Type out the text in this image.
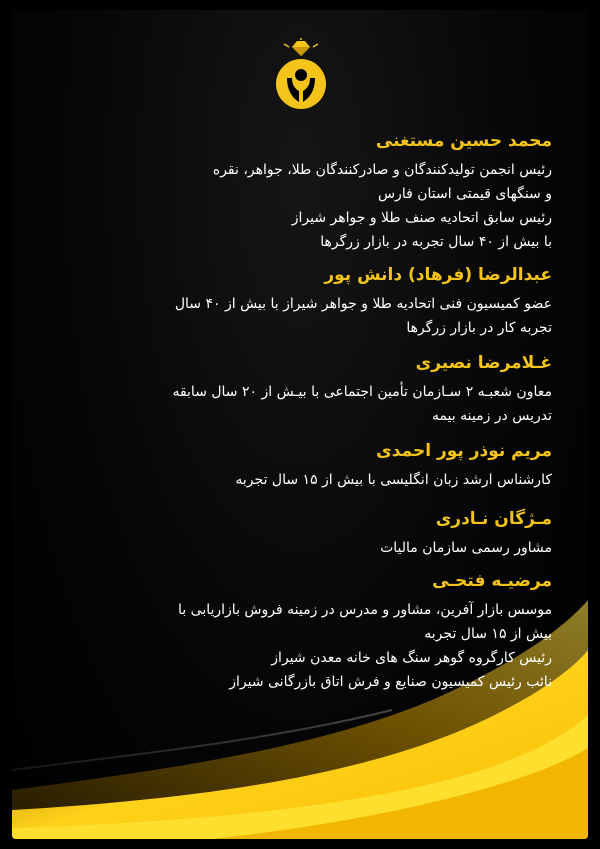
محمد حسین مستغنی
رئیس انجمن تولیدکنندگان و صادرکنندگان طلا، جواهر، نقره
و سنگهای قیمتی استان فارس
رئیس سابق اتحادیه صنف طلا و جواهر شیراز
با بیش از ۴۰ سال تجربه در بازار زرگرها
عبدالرضا (فرهاد) دانش پور
عضو کمیسیون فنی اتحادیه طلا و جواهر شیراز با بیش از ۴۰ سال
تجربه کار در بازار زرگرها
غـلامرضا نصیری
معاون شعبـه ۲ سـازمان تأمین اجتماعی با بیـش از ۲۰ سال سابقه
تدریس در زمینه بیمه
مریم نوذر پور احمدی
کارشناس ارشد زبان انگلیسی با بیش از ۱۵ سال تجربه
مـژگان نـادری
مشاور رسمی سازمان مالیات
مرضیـه فتحـی
موسس بازار آفرین، مشاور و مدرس در زمینه فروش بازاریابی با
بیش از ۱۵ سال تجربه
رئیس کارگروه گوهر سنگ های خانه معدن شیراز
نائب رئیس کمیسیون صنایع و فرش اتاق بازرگانی شیراز
